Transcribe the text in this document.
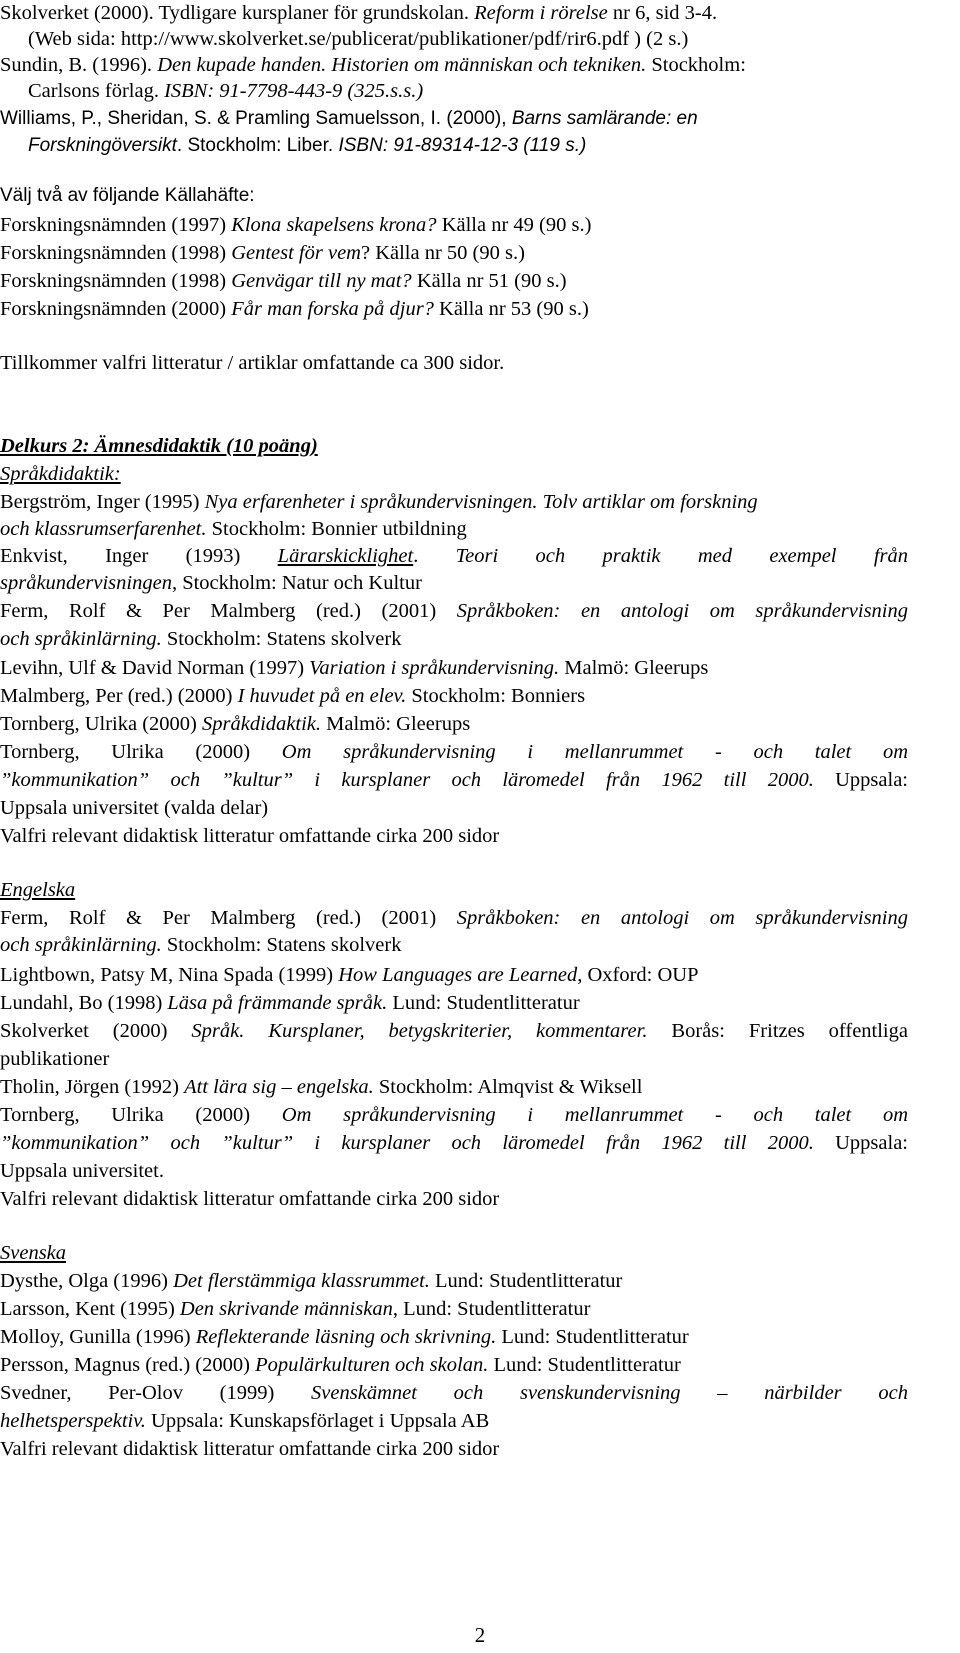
2
Skolverket (2000). Tydligare kursplaner för grundskolan. Reform i rörelse nr 6, sid 3-4.
(Web sida: http://www.skolverket.se/publicerat/publikationer/pdf/rir6.pdf ) (2 s.)
Sundin, B. (1996). Den kupade handen. Historien om människan och tekniken. Stockholm:
Carlsons förlag. ISBN: 91-7798-443-9 (325.s.s.)
Williams, P., Sheridan, S. & Pramling Samuelsson, I. (2000), Barns samlärande: en
Forskningöversikt. Stockholm: Liber. ISBN: 91-89314-12-3 (119 s.)
Välj två av följande Källahäfte:
Forskningsnämnden (1997) Klona skapelsens krona? Källa nr 49 (90 s.)
Forskningsnämnden (1998) Gentest för vem? Källa nr 50 (90 s.)
Forskningsnämnden (1998) Genvägar till ny mat? Källa nr 51 (90 s.)
Forskningsnämnden (2000) Får man forska på djur? Källa nr 53 (90 s.)
Tillkommer valfri litteratur / artiklar omfattande ca 300 sidor.
Delkurs 2: Ämnesdidaktik (10 poäng)
Språkdidaktik:
Bergström, Inger (1995) Nya erfarenheter i språkundervisningen. Tolv artiklar om forskning
och klassrumserfarenhet. Stockholm: Bonnier utbildning
Enkvist, Inger (1993) Lärarskicklighet. Teori och praktik med exempel från
språkundervisningen, Stockholm: Natur och Kultur
Ferm, Rolf & Per Malmberg (red.) (2001) Språkboken: en antologi om språkundervisning
och språkinlärning. Stockholm: Statens skolverk
Levihn, Ulf & David Norman (1997) Variation i språkundervisning. Malmö: Gleerups
Malmberg, Per (red.) (2000) I huvudet på en elev. Stockholm: Bonniers
Tornberg, Ulrika (2000) Språkdidaktik. Malmö: Gleerups
Tornberg, Ulrika (2000) Om språkundervisning i mellanrummet - och talet om
”kommunikation” och ”kultur” i kursplaner och läromedel från 1962 till 2000. Uppsala:
Uppsala universitet (valda delar)
Valfri relevant didaktisk litteratur omfattande cirka 200 sidor
Engelska
Ferm, Rolf & Per Malmberg (red.) (2001) Språkboken: en antologi om språkundervisning
och språkinlärning. Stockholm: Statens skolverk
Lightbown, Patsy M, Nina Spada (1999) How Languages are Learned, Oxford: OUP
Lundahl, Bo (1998) Läsa på främmande språk. Lund: Studentlitteratur
Skolverket (2000) Språk. Kursplaner, betygskriterier, kommentarer. Borås: Fritzes offentliga
publikationer
Tholin, Jörgen (1992) Att lära sig – engelska. Stockholm: Almqvist & Wiksell
Tornberg, Ulrika (2000) Om språkundervisning i mellanrummet - och talet om
”kommunikation” och ”kultur” i kursplaner och läromedel från 1962 till 2000. Uppsala:
Uppsala universitet.
Valfri relevant didaktisk litteratur omfattande cirka 200 sidor
Svenska
Dysthe, Olga (1996) Det flerstämmiga klassrummet. Lund: Studentlitteratur
Larsson, Kent (1995) Den skrivande människan, Lund: Studentlitteratur
Molloy, Gunilla (1996) Reflekterande läsning och skrivning. Lund: Studentlitteratur
Persson, Magnus (red.) (2000) Populärkulturen och skolan. Lund: Studentlitteratur
Svedner, Per-Olov (1999) Svenskämnet och svenskundervisning – närbilder och
helhetsperspektiv. Uppsala: Kunskapsförlaget i Uppsala AB
Valfri relevant didaktisk litteratur omfattande cirka 200 sidor
